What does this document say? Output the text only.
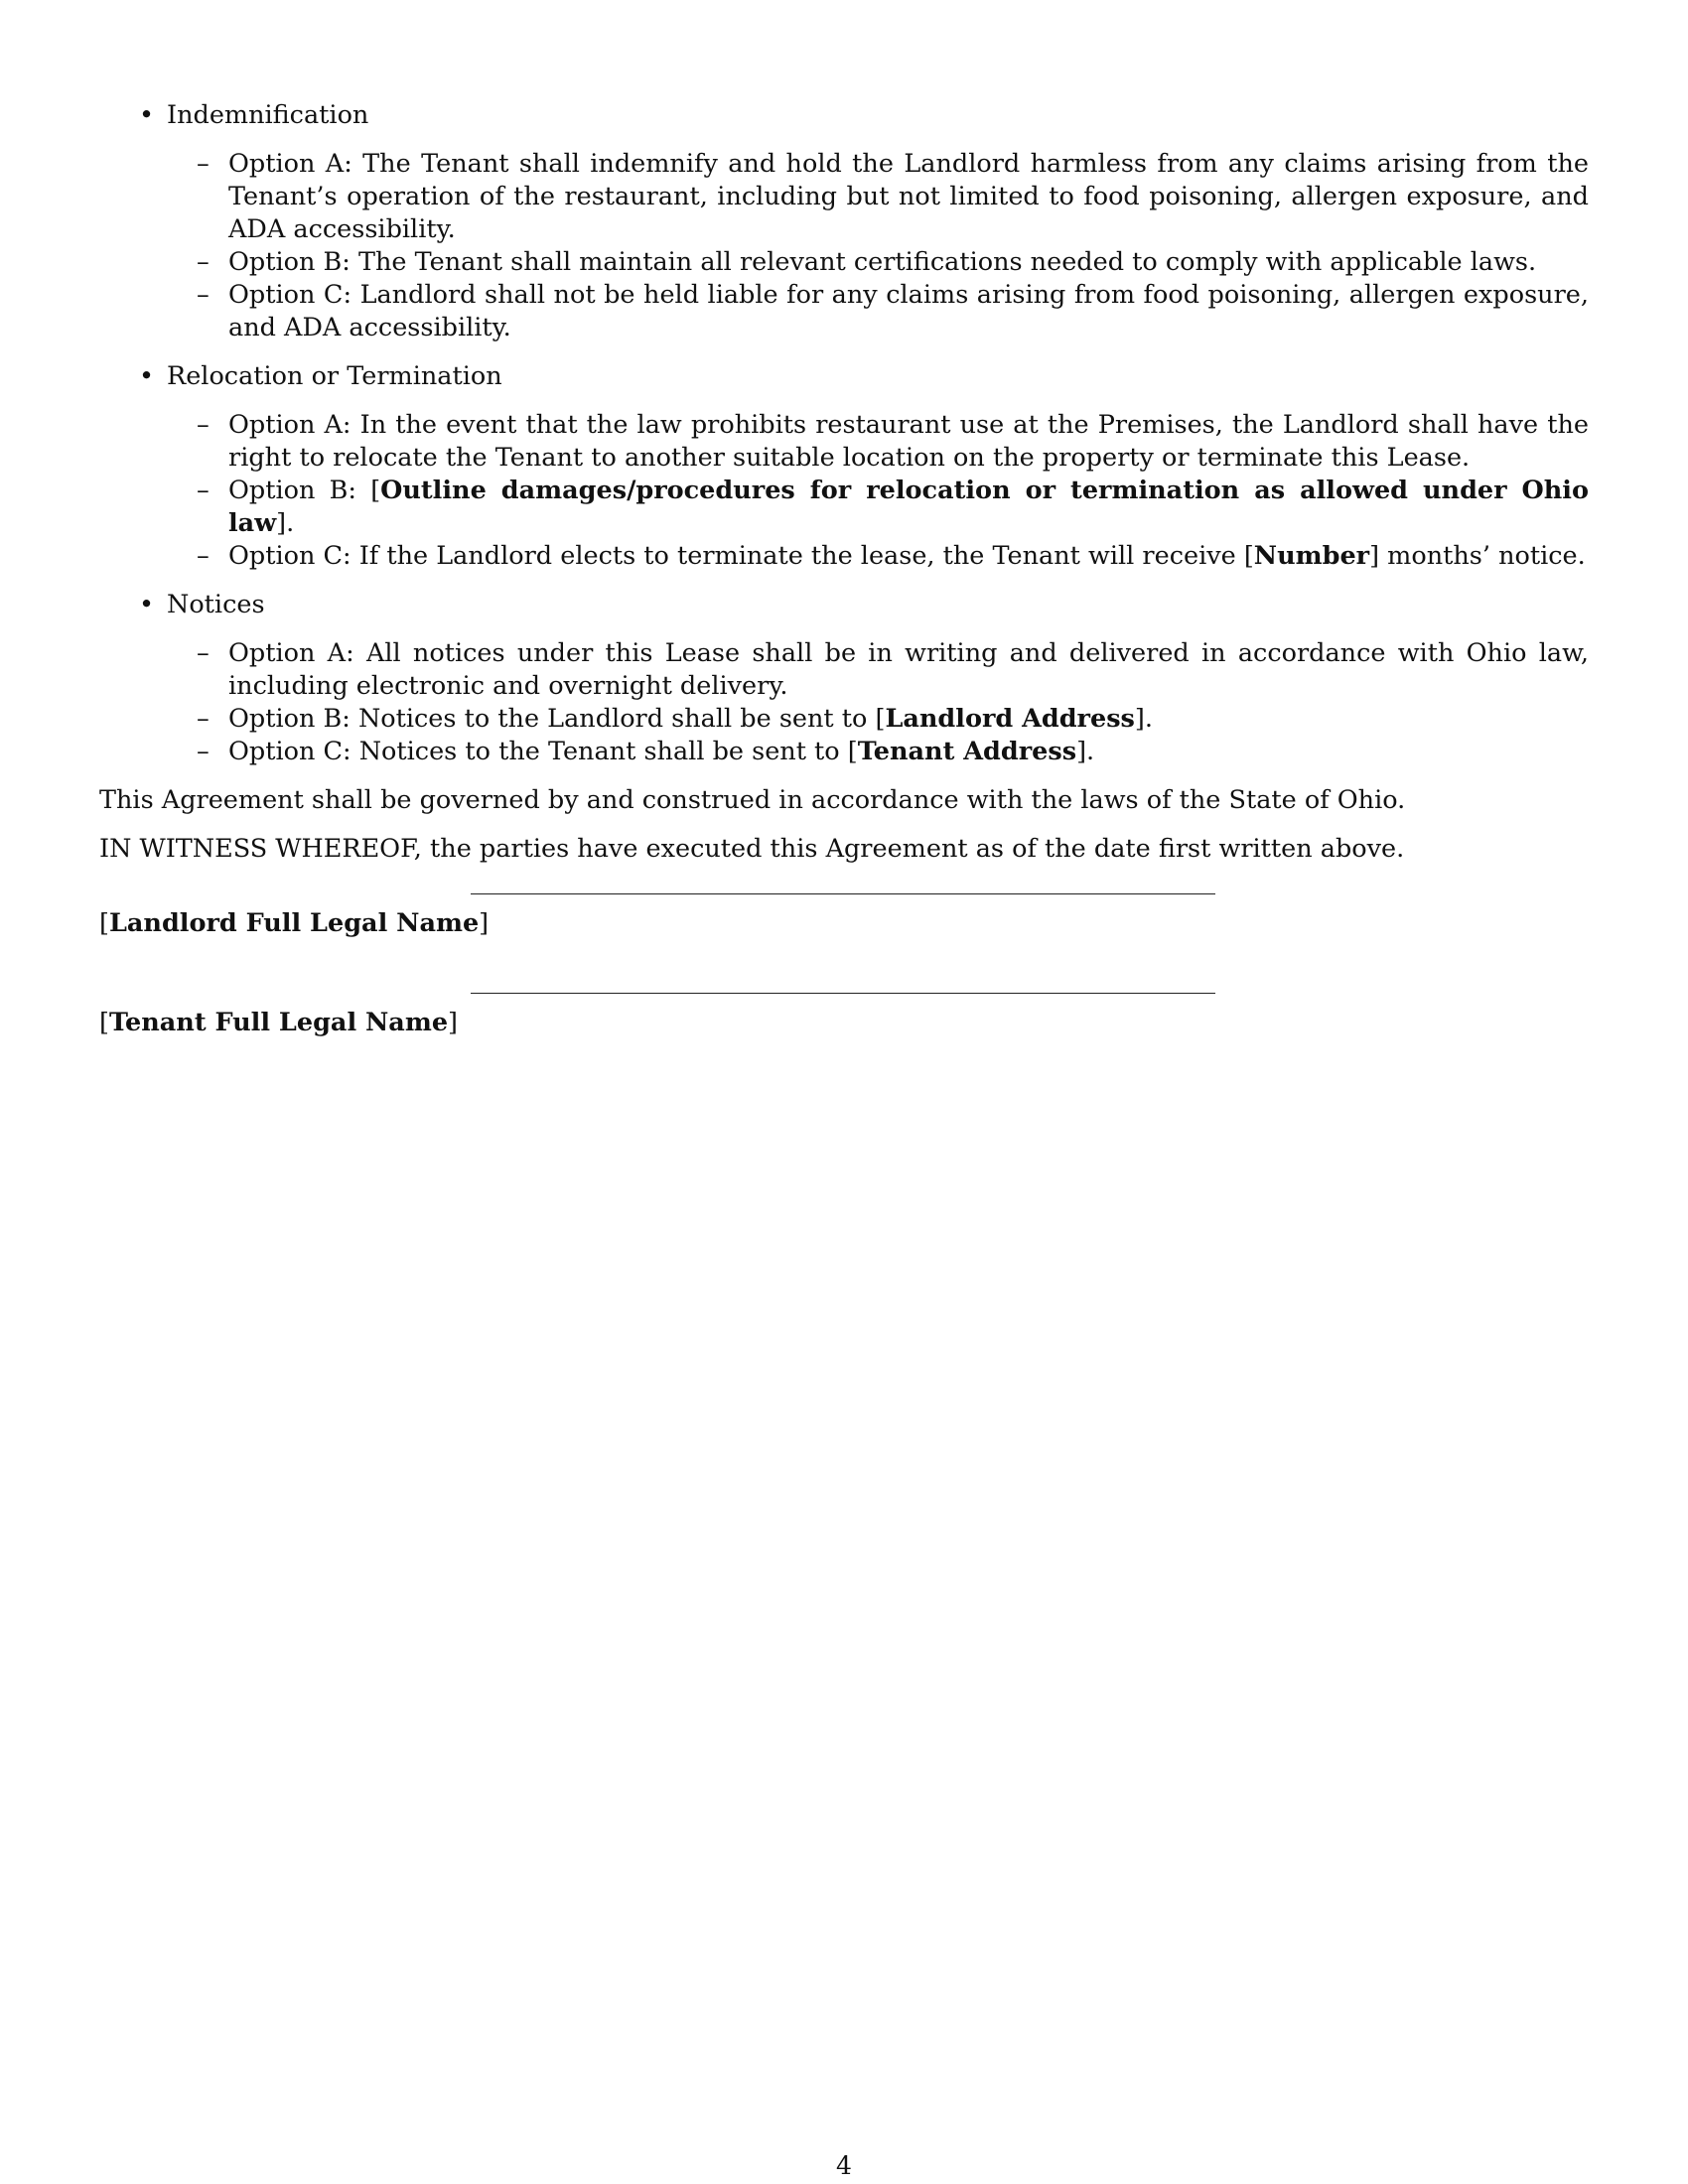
• Indemnification
– Option A: The Tenant shall indemnify and hold the Landlord harmless from any claims arising from the Tenant’s operation of the restaurant, including but not limited to food poisoning, allergen exposure, and ADA accessibility.
– Option B: The Tenant shall maintain all relevant certifications needed to comply with applicable laws.
– Option C: Landlord shall not be held liable for any claims arising from food poisoning, allergen exposure, and ADA accessibility.
• Relocation or Termination
– Option A: In the event that the law prohibits restaurant use at the Premises, the Landlord shall have the right to relocate the Tenant to another suitable location on the property or terminate this Lease.
– Option B: [Outline damages/procedures for relocation or termination as allowed under Ohio law].
– Option C: If the Landlord elects to terminate the lease, the Tenant will receive [Number] months’ notice.
• Notices
– Option A: All notices under this Lease shall be in writing and delivered in accordance with Ohio law, including electronic and overnight delivery.
– Option B: Notices to the Landlord shall be sent to [Landlord Address].
– Option C: Notices to the Tenant shall be sent to [Tenant Address].

This Agreement shall be governed by and construed in accordance with the laws of the State of Ohio.

IN WITNESS WHEREOF, the parties have executed this Agreement as of the date first written above.

[Landlord Full Legal Name]
[Tenant Full Legal Name]
4
